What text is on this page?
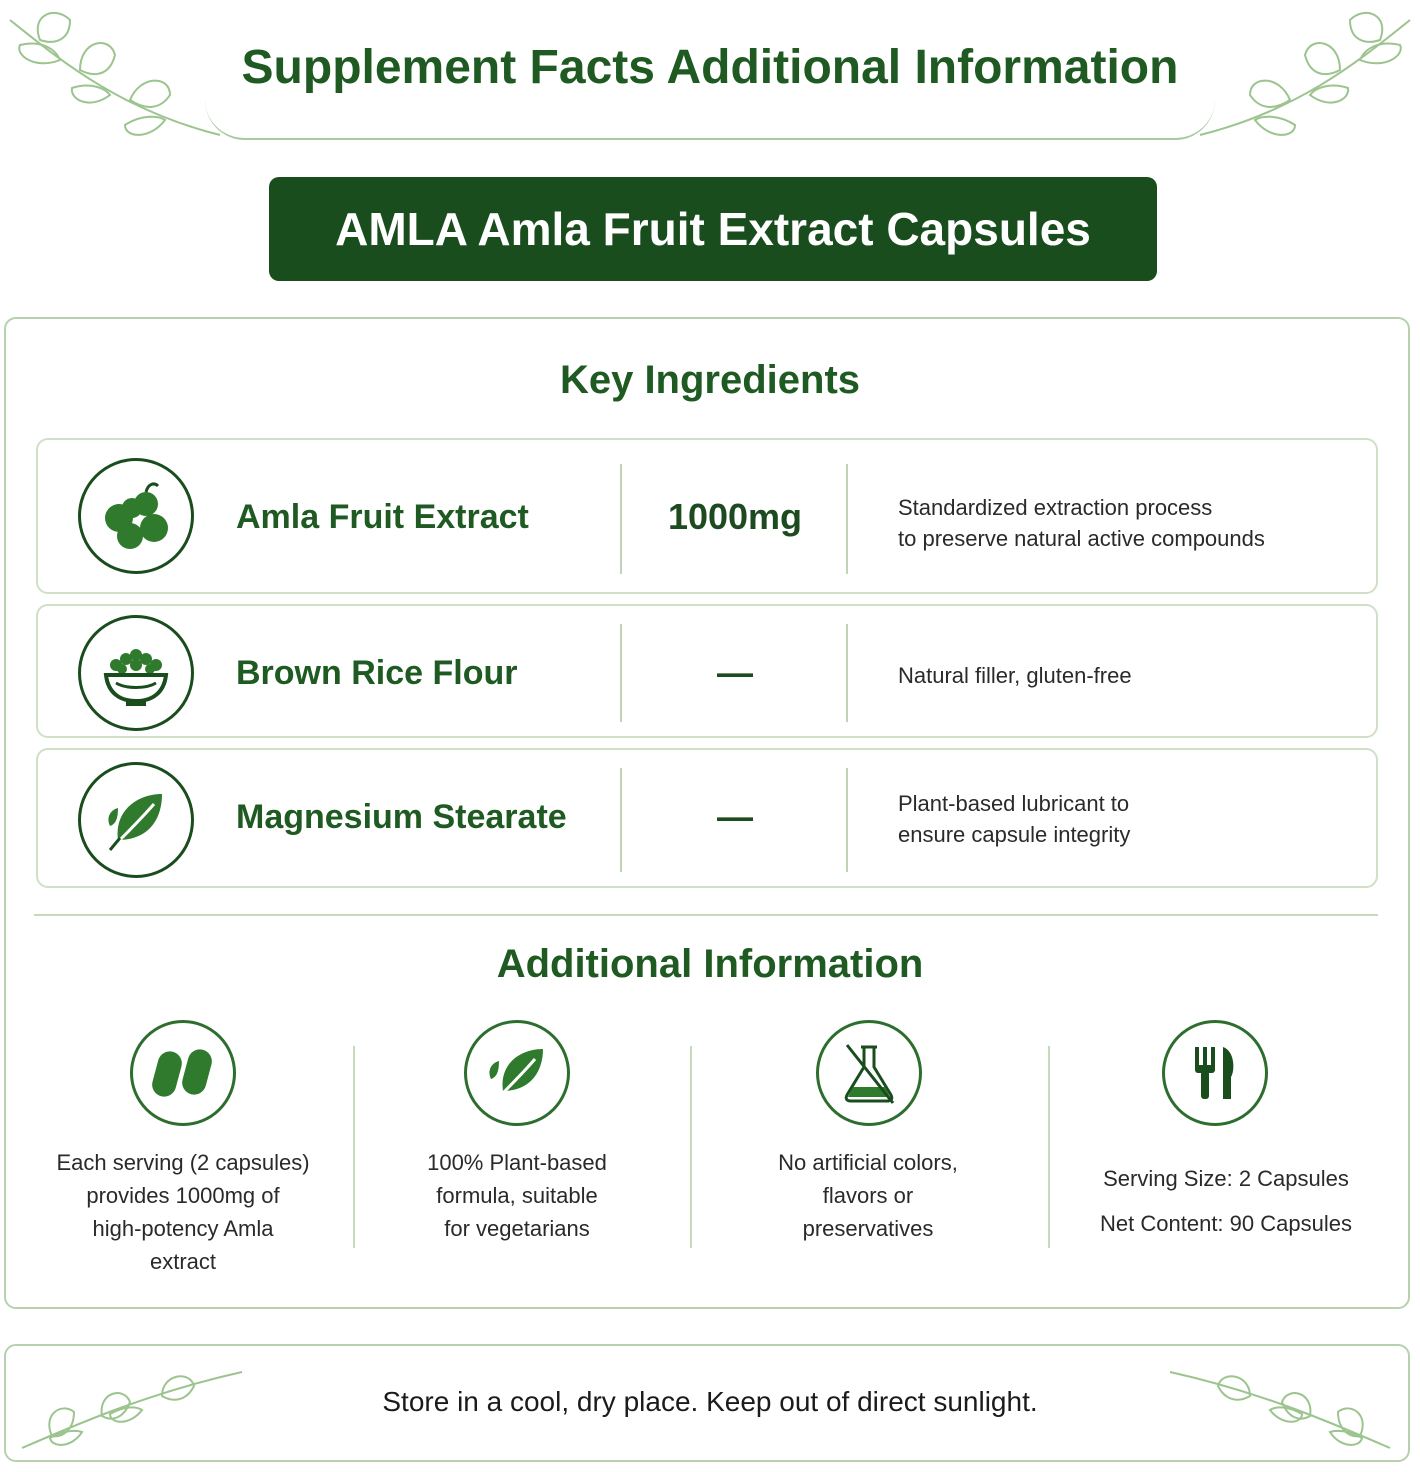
Supplement Facts Additional Information
AMLA Amla Fruit Extract Capsules
Key Ingredients
Amla Fruit Extract	1000mg	Standardized extraction process
to preserve natural active compounds
Brown Rice Flour	—	Natural filler, gluten-free
Magnesium Stearate	—	Plant-based lubricant to
ensure capsule integrity
Additional Information
Each serving (2 capsules)
provides 1000mg of
high-potency Amla
extract
100% Plant-based
formula, suitable
for vegetarians
No artificial colors,
flavors or
preservatives
Serving Size: 2 Capsules
Net Content: 90 Capsules
Store in a cool, dry place. Keep out of direct sunlight.
